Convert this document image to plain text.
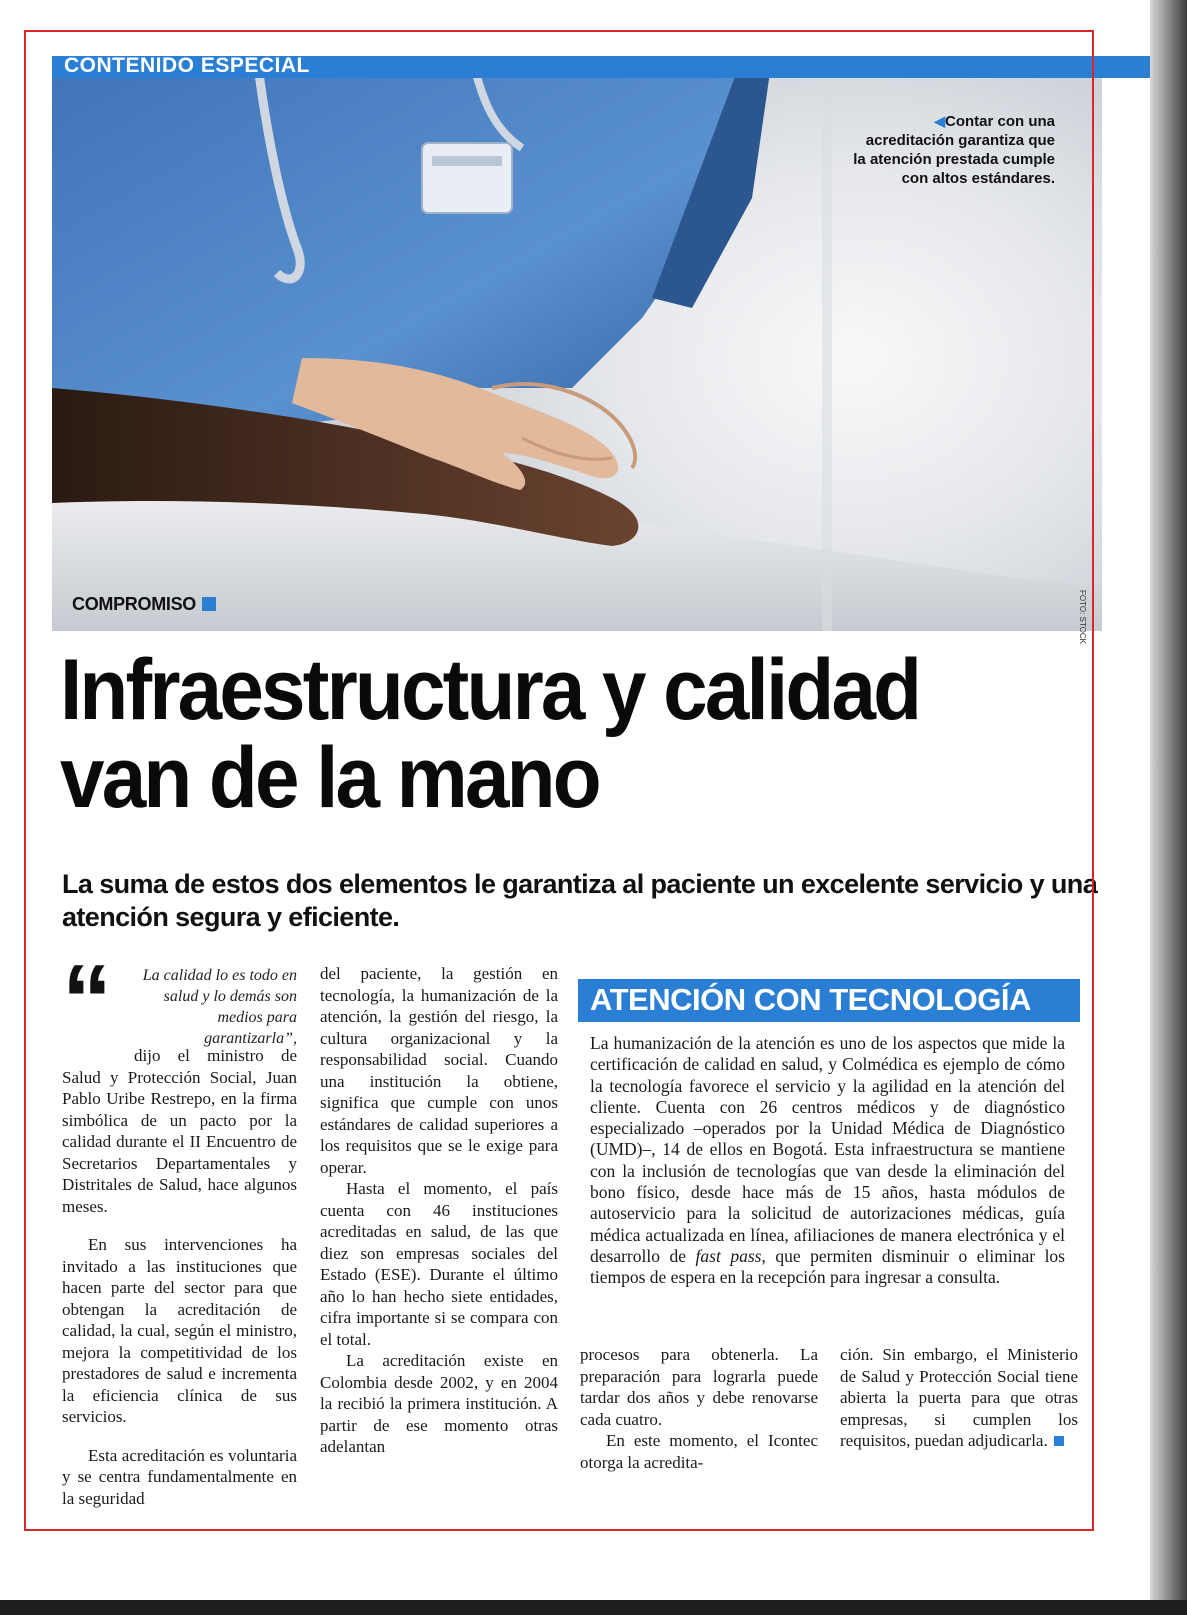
CONTENIDO ESPECIAL
◀Contar con una acreditación garantiza que la atención prestada cumple con altos estándares.
COMPROMISO	FOTO: STOCK
Infraestructura y calidad
van de la mano
La suma de estos dos elementos le garantiza al paciente un excelente servicio y una atención segura y eficiente.
“	La calidad lo es todo en salud y lo demás son medios para garantizarla”,

dijo el ministro de Salud y Protección Social, Juan Pablo Uribe Restrepo, en la firma simbólica de un pacto por la calidad durante el II Encuentro de Secretarios Departamentales y Distritales de Salud, hace algunos meses.

En sus intervenciones ha invitado a las instituciones que hacen parte del sector para que obtengan la acreditación de calidad, la cual, según el ministro, mejora la competitividad de los prestadores de salud e incrementa la eficiencia clínica de sus servicios.

Esta acreditación es voluntaria y se centra fundamentalmente en la seguridad

del paciente, la gestión en tecnología, la humanización de la atención, la gestión del riesgo, la cultura organizacional y la responsabilidad social. Cuando una institución la obtiene, significa que cumple con unos estándares de calidad superiores a los requisitos que se le exige para operar.

Hasta el momento, el país cuenta con 46 instituciones acreditadas en salud, de las que diez son empresas sociales del Estado (ESE). Durante el último año lo han hecho siete entidades, cifra importante si se compara con el total.

La acreditación existe en Colombia desde 2002, y en 2004 la recibió la primera institución. A partir de ese momento otras adelantan

ATENCIÓN CON TECNOLOGÍA
La humanización de la atención es uno de los aspectos que mide la certificación de calidad en salud, y Colmédica es ejemplo de cómo la tecnología favorece el servicio y la agilidad en la atención del cliente. Cuenta con 26 centros médicos y de diagnóstico especializado –operados por la Unidad Médica de Diagnóstico (UMD)–, 14 de ellos en Bogotá. Esta infraestructura se mantiene con la inclusión de tecnologías que van desde la eliminación del bono físico, desde hace más de 15 años, hasta módulos de autoservicio para la solicitud de autorizaciones médicas, guía médica actualizada en línea, afiliaciones de manera electrónica y el desarrollo de fast pass, que permiten disminuir o eliminar los tiempos de espera en la recepción para ingresar a consulta.

procesos para obtenerla. La preparación para lograrla puede tardar dos años y debe renovarse cada cuatro.

En este momento, el Icontec otorga la acredita-

ción. Sin embargo, el Ministerio de Salud y Protección Social tiene abierta la puerta para que otras empresas, si cumplen los requisitos, puedan adjudicarla.
